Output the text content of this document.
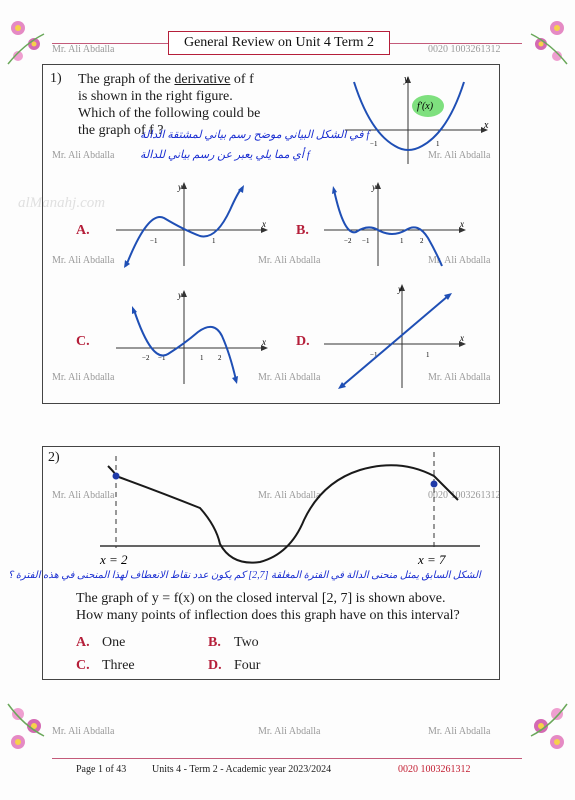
General Review on Unit 4 Term 2
Mr. Ali Abdalla	0020 1003261312
Mr. Ali Abdalla	Mr. Ali Abdalla
Mr. Ali Abdalla	Mr. Ali Abdalla	Mr. Ali Abdalla
Mr. Ali Abdalla	Mr. Ali Abdalla	Mr. Ali Abdalla
Mr. Ali Abdalla	Mr. Ali Abdalla	0020 1003261312
Mr. Ali Abdalla	Mr. Ali Abdalla	Mr. Ali Abdalla
alManahj.com
1) The graph of the derivative of f
is shown in the right figure.
Which of the following could be
the graph of f ?
في الشكل البياني موضح رسم بياني لمشتقة الدالة f
أي مما يلي يعبر عن رسم بياني للدالة f
y
x
−1	1
f′(x)
A.
y
x
−1	1
B.
y
x
−2 −1	1 2
C.
y
x
−2 −1	1 2
D.
y
x
−1	1
2)
x = 2	x = 7
الشكل السابق يمثل منحنى الدالة في الفترة المغلقة [2,7] كم يكون عدد نقاط الانعطاف لهذا المنحنى في هذه الفترة ؟
The graph of y = f(x) on the closed interval [2, 7] is shown above.
How many points of inflection does this graph have on this interval?
A. One	B. Two
C. Three	D. Four
Page 1 of 43	Units 4 - Term 2 - Academic year 2023/2024	0020 1003261312
